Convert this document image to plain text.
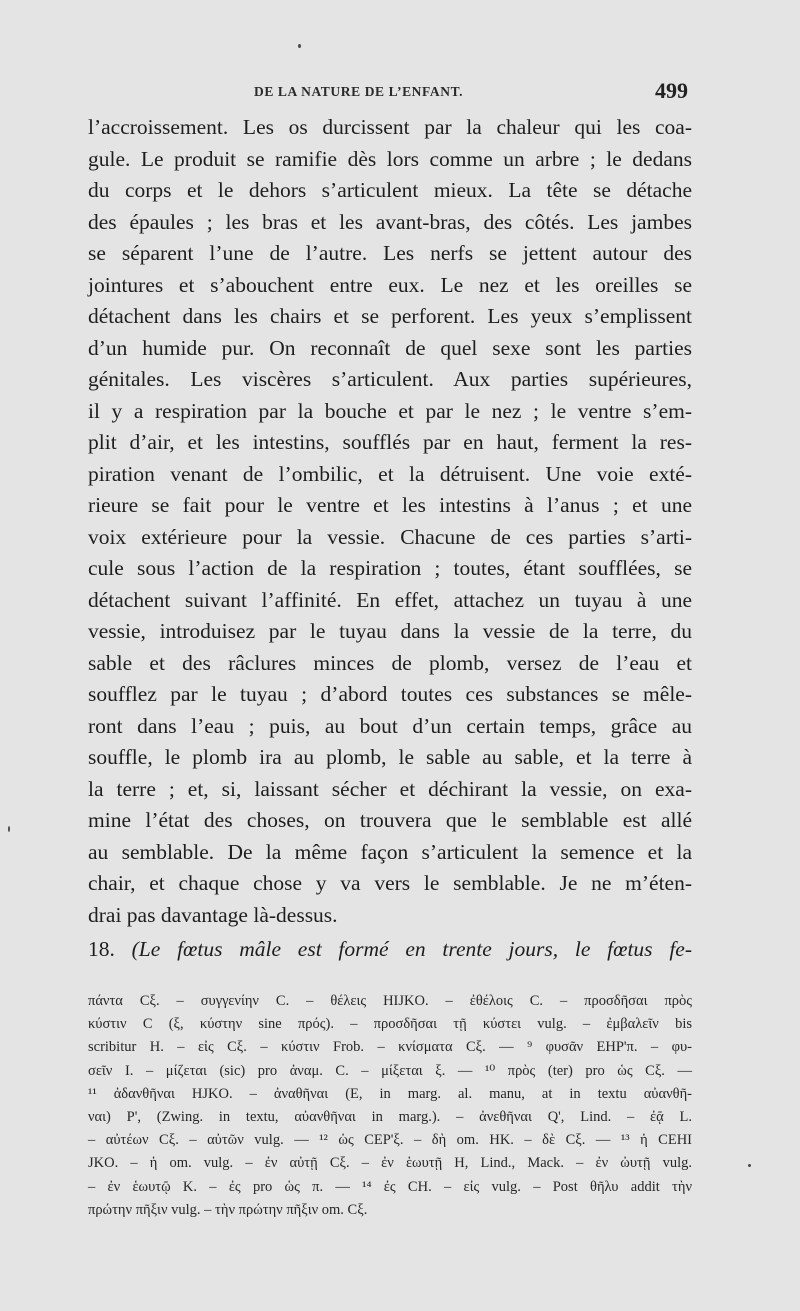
DE LA NATURE DE L’ENFANT.	499
l’accroissement. Les os durcissent par la chaleur qui les coa-
gule. Le produit se ramifie dès lors comme un arbre ; le dedans
du corps et le dehors s’articulent mieux. La tête se détache
des épaules ; les bras et les avant-bras, des côtés. Les jambes
se séparent l’une de l’autre. Les nerfs se jettent autour des
jointures et s’abouchent entre eux. Le nez et les oreilles se
détachent dans les chairs et se perforent. Les yeux s’emplissent
d’un humide pur. On reconnaît de quel sexe sont les parties
génitales. Les viscères s’articulent. Aux parties supérieures,
il y a respiration par la bouche et par le nez ; le ventre s’em-
plit d’air, et les intestins, soufflés par en haut, ferment la res-
piration venant de l’ombilic, et la détruisent. Une voie exté-
rieure se fait pour le ventre et les intestins à l’anus ; et une
voix extérieure pour la vessie. Chacune de ces parties s’arti-
cule sous l’action de la respiration ; toutes, étant soufflées, se
détachent suivant l’affinité. En effet, attachez un tuyau à une
vessie, introduisez par le tuyau dans la vessie de la terre, du
sable et des râclures minces de plomb, versez de l’eau et
soufflez par le tuyau ; d’abord toutes ces substances se mêle-
ront dans l’eau ; puis, au bout d’un certain temps, grâce au
souffle, le plomb ira au plomb, le sable au sable, et la terre à
la terre ; et, si, laissant sécher et déchirant la vessie, on exa-
mine l’état des choses, on trouvera que le semblable est allé
au semblable. De la même façon s’articulent la semence et la
chair, et chaque chose y va vers le semblable. Je ne m’éten-
drai pas davantage là-dessus.
18. (Le fœtus mâle est formé en trente jours, le fœtus fe-
πάντα Cξ. – συγγενίην C. – θέλεις HIJKO. – ἐθέλοις C. – προσδῆσαι πρὸς
κύστιν C (ξ, κύστην sine πρός). – προσδῆσαι τῇ κύστει vulg. – ἐμβαλεῖν bis
scribitur H. – εἰς Cξ. – κύστιν Frob. – κνίσματα Cξ. — ⁹ φυσᾶν EHP'π. – φυ-
σεῖν I. – μίζεται (sic) pro ἀναμ. C. – μίξεται ξ. — ¹⁰ πρὸς (ter) pro ὡς Cξ. —
¹¹ ἀδανθῆναι HJKO. – ἀναθῆναι (E, in marg. al. manu, at in textu αὐανθῆ-
ναι) P', (Zwing. in textu, αὐανθῆναι in marg.). – ἀνεθῆναι Q', Lind. – ἐᾷ L.
– αὐτέων Cξ. – αὐτῶν vulg. — ¹² ὡς CEP'ξ. – δὴ om. HK. – δὲ Cξ. — ¹³ ἡ CEHI
JKO. – ἡ om. vulg. – ἐν αὐτῇ Cξ. – ἐν ἑωυτῇ H, Lind., Mack. – ἐν ὠυτῇ vulg.
– ἐν ἑωυτῷ K. – ἐς pro ὡς π. — ¹⁴ ἐς CH. – εἰς vulg. – Post θῆλυ addit τὴν
πρώτην πῆξιν vulg. – τὴν πρώτην πῆξιν om. Cξ.
